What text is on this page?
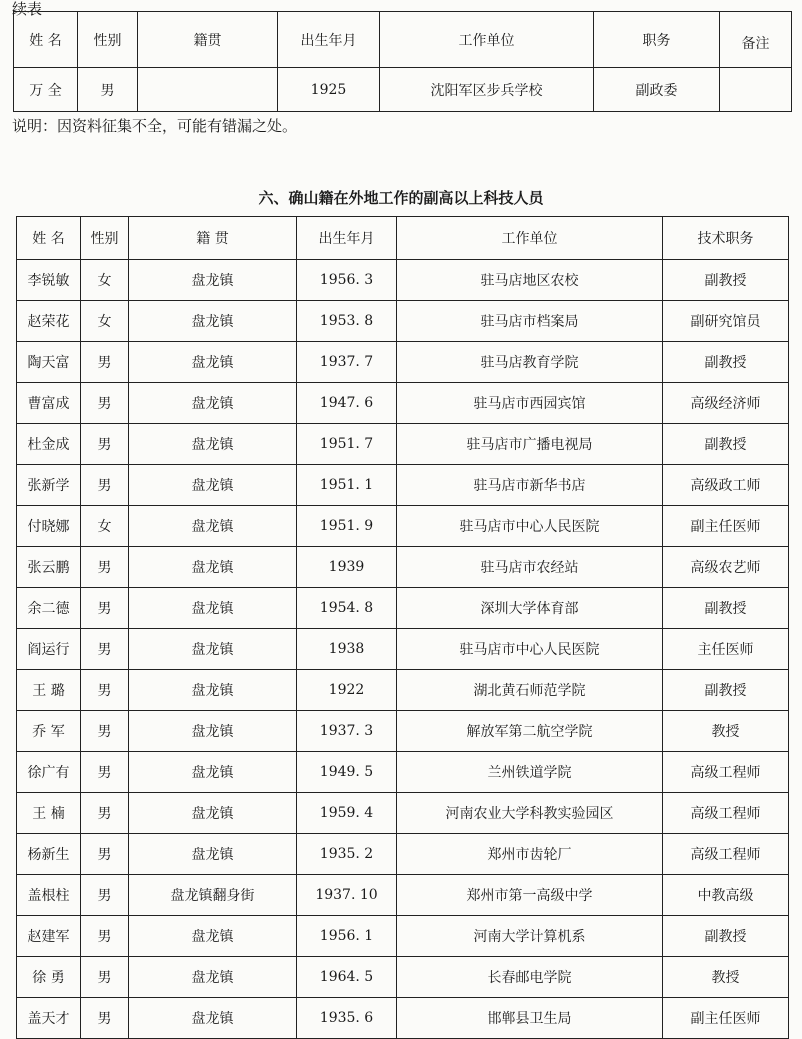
续表
姓 名	性别	籍贯	出生年月	工作单位	职务	备注
万 全	男		1925	沈阳军区步兵学校	副政委	
说明：因资料征集不全，可能有错漏之处。
六、确山籍在外地工作的副高以上科技人员
姓 名	性别	籍 贯	出生年月	工作单位	技术职务
李锐敏	女	盘龙镇	1956. 3	驻马店地区农校	副教授
赵荣花	女	盘龙镇	1953. 8	驻马店市档案局	副研究馆员
陶天富	男	盘龙镇	1937. 7	驻马店教育学院	副教授
曹富成	男	盘龙镇	1947. 6	驻马店市西园宾馆	高级经济师
杜金成	男	盘龙镇	1951. 7	驻马店市广播电视局	副教授
张新学	男	盘龙镇	1951. 1	驻马店市新华书店	高级政工师
付晓娜	女	盘龙镇	1951. 9	驻马店市中心人民医院	副主任医师
张云鹏	男	盘龙镇	1939	驻马店市农经站	高级农艺师
余二德	男	盘龙镇	1954. 8	深圳大学体育部	副教授
阎运行	男	盘龙镇	1938	驻马店市中心人民医院	主任医师
王 璐	男	盘龙镇	1922	湖北黄石师范学院	副教授
乔 军	男	盘龙镇	1937. 3	解放军第二航空学院	教授
徐广有	男	盘龙镇	1949. 5	兰州铁道学院	高级工程师
王 楠	男	盘龙镇	1959. 4	河南农业大学科教实验园区	高级工程师
杨新生	男	盘龙镇	1935. 2	郑州市齿轮厂	高级工程师
盖根柱	男	盘龙镇翻身街	1937. 10	郑州市第一高级中学	中教高级
赵建军	男	盘龙镇	1956. 1	河南大学计算机系	副教授
徐 勇	男	盘龙镇	1964. 5	长春邮电学院	教授
盖天才	男	盘龙镇	1935. 6	邯郸县卫生局	副主任医师
